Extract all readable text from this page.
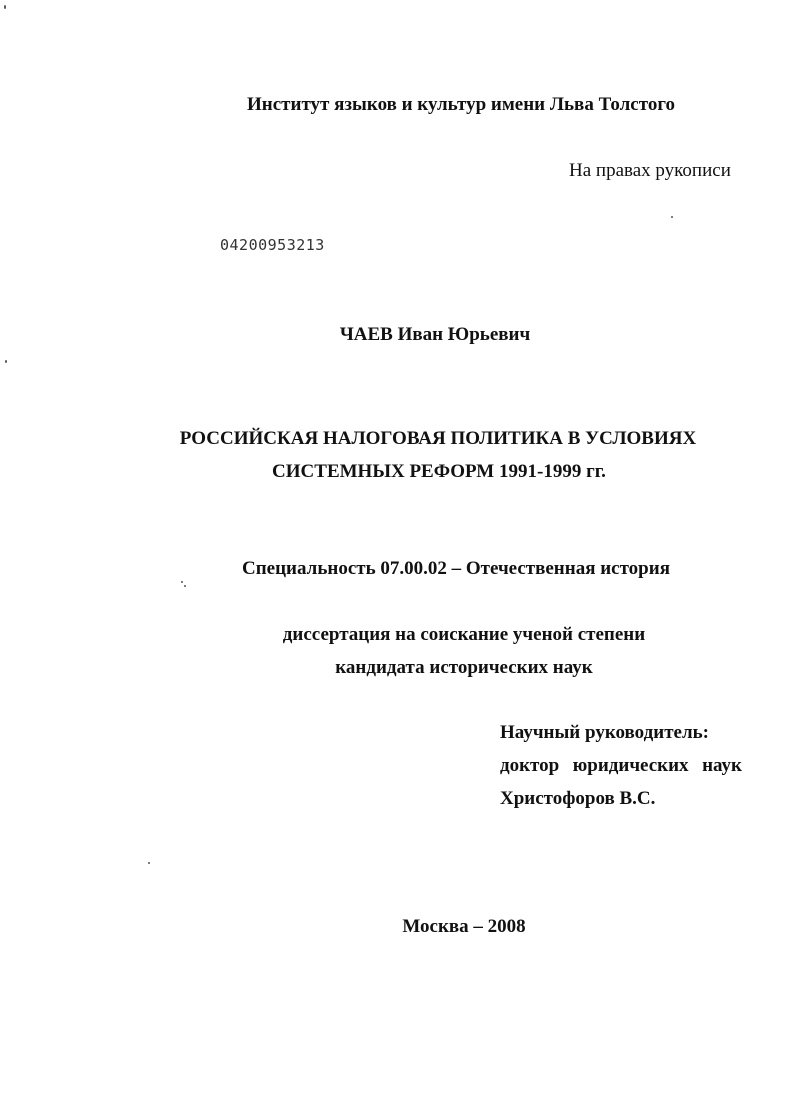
Институт языков и культур имени Льва Толстого
На правах рукописи
04200953213
ЧАЕВ Иван Юрьевич
РОССИЙСКАЯ НАЛОГОВАЯ ПОЛИТИКА В УСЛОВИЯХ
СИСТЕМНЫХ РЕФОРМ 1991-1999 гг.
Специальность 07.00.02 – Отечественная история
диссертация на соискание ученой степени
кандидата исторических наук
Научный руководитель:
доктор юридических наук
Христофоров В.С.
Москва – 2008
